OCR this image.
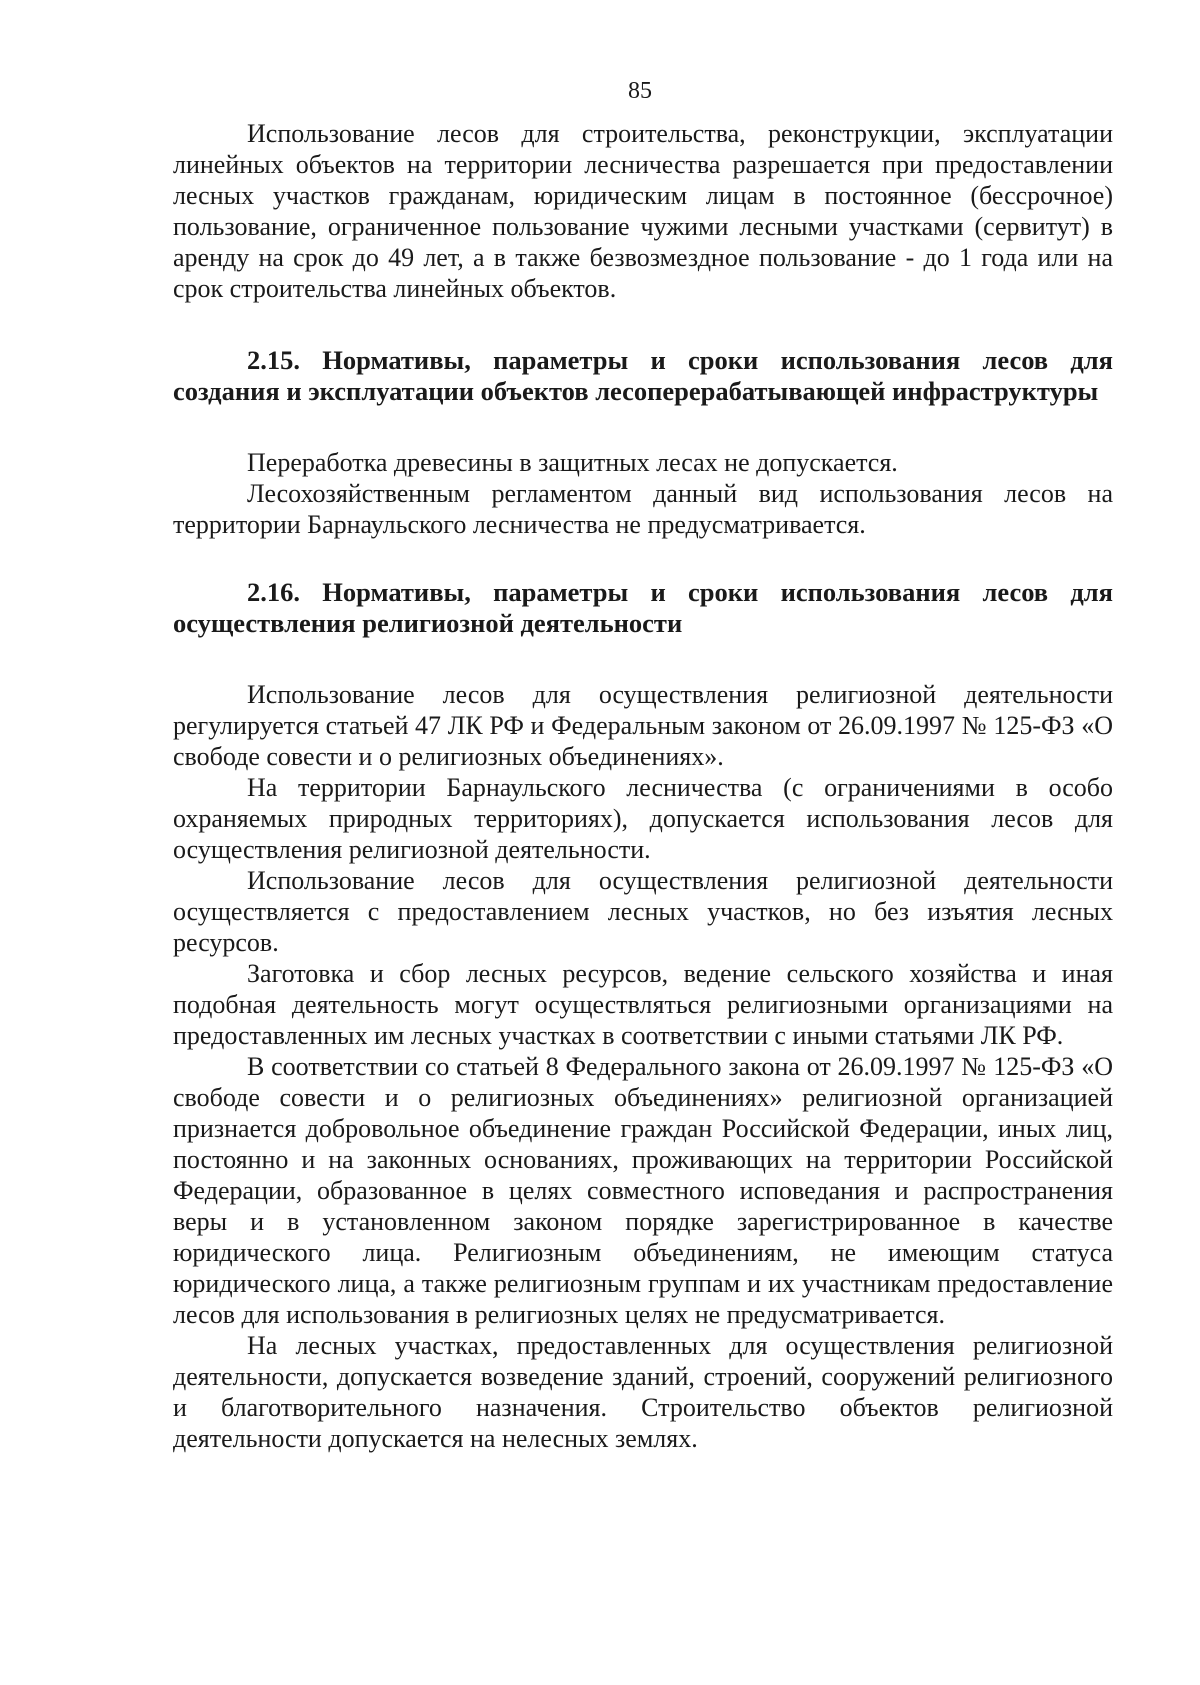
85

Использование лесов для строительства, реконструкции, эксплуатации линейных объектов на территории лесничества разрешается при предоставлении лесных участков гражданам, юридическим лицам в постоянное (бессрочное) пользование, ограниченное пользование чужими лесными участками (сервитут) в аренду на срок до 49 лет, а в также безвозмездное пользование - до 1 года или на срок строительства линейных объектов.

2.15. Нормативы, параметры и сроки использования лесов для создания и эксплуатации объектов лесоперерабатывающей инфраструктуры

Переработка древесины в защитных лесах не допускается.

Лесохозяйственным регламентом данный вид использования лесов на территории Барнаульского лесничества не предусматривается.

2.16. Нормативы, параметры и сроки использования лесов для осуществления религиозной деятельности

Использование лесов для осуществления религиозной деятельности регулируется статьей 47 ЛК РФ и Федеральным законом от 26.09.1997 № 125-ФЗ «О свободе совести и о религиозных объединениях».

На территории Барнаульского лесничества (с ограничениями в особо охраняемых природных территориях), допускается использования лесов для осуществления религиозной деятельности.

Использование лесов для осуществления религиозной деятельности осуществляется с предоставлением лесных участков, но без изъятия лесных ресурсов.

Заготовка и сбор лесных ресурсов, ведение сельского хозяйства и иная подобная деятельность могут осуществляться религиозными организациями на предоставленных им лесных участках в соответствии с иными статьями ЛК РФ.

В соответствии со статьей 8 Федерального закона от 26.09.1997 № 125-ФЗ «О свободе совести и о религиозных объединениях» религиозной организацией признается добровольное объединение граждан Российской Федерации, иных лиц, постоянно и на законных основаниях, проживающих на территории Российской Федерации, образованное в целях совместного исповедания и распространения веры и в установленном законом порядке зарегистрированное в качестве юридического лица. Религиозным объединениям, не имеющим статуса юридического лица, а также религиозным группам и их участникам предоставление лесов для использования в религиозных целях не предусматривается.

На лесных участках, предоставленных для осуществления религиозной деятельности, допускается возведение зданий, строений, сооружений религиозного и благотворительного назначения. Строительство объектов религиозной деятельности допускается на нелесных землях.
